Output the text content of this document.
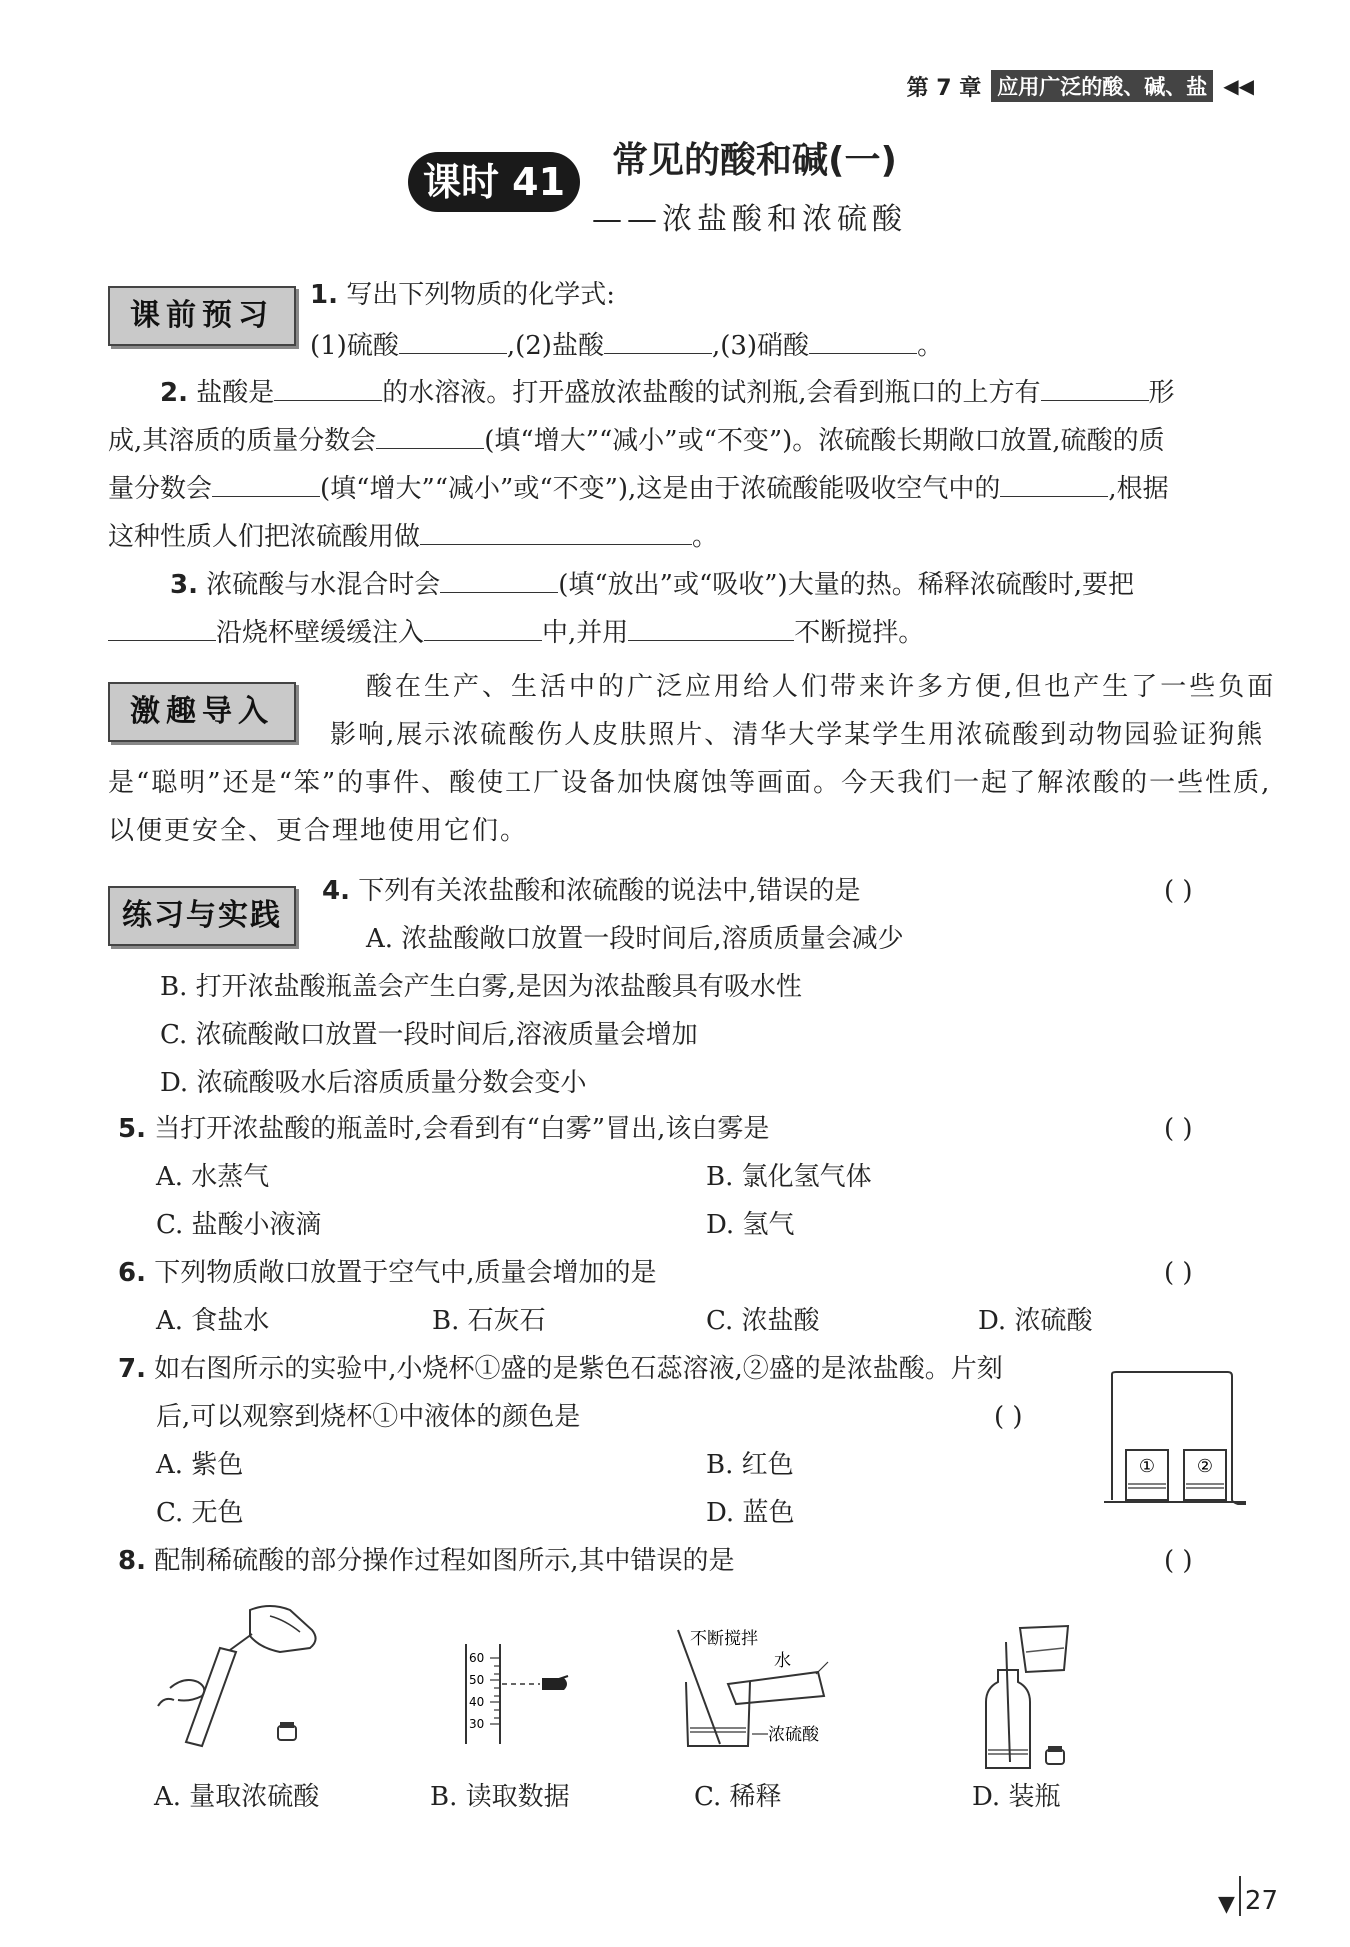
第 7 章 应用广泛的酸、碱、盐 ◀◀
课时 41	常见的酸和碱(一)
——浓盐酸和浓硫酸
课前预习
1. 写出下列物质的化学式:
(1)硫酸	,(2)盐酸	,(3)硝酸	。
2. 盐酸是	的水溶液。打开盛放浓盐酸的试剂瓶,会看到瓶口的上方有	形
成,其溶质的质量分数会	(填“增大”“减小”或“不变”)。浓硫酸长期敞口放置,硫酸的质
量分数会	(填“增大”“减小”或“不变”),这是由于浓硫酸能吸收空气中的	,根据
这种性质人们把浓硫酸用做	。
3. 浓硫酸与水混合时会	(填“放出”或“吸收”)大量的热。稀释浓硫酸时,要把
沿烧杯壁缓缓注入	中,并用	不断搅拌。
激趣导入
酸在生产、生活中的广泛应用给人们带来许多方便,但也产生了一些负面
影响,展示浓硫酸伤人皮肤照片、清华大学某学生用浓硫酸到动物园验证狗熊
是“聪明”还是“笨”的事件、酸使工厂设备加快腐蚀等画面。今天我们一起了解浓酸的一些性质,
以便更安全、更合理地使用它们。
练习与实践
4. 下列有关浓盐酸和浓硫酸的说法中,错误的是	( )
A. 浓盐酸敞口放置一段时间后,溶质质量会减少
B. 打开浓盐酸瓶盖会产生白雾,是因为浓盐酸具有吸水性
C. 浓硫酸敞口放置一段时间后,溶液质量会增加
D. 浓硫酸吸水后溶质质量分数会变小
5. 当打开浓盐酸的瓶盖时,会看到有“白雾”冒出,该白雾是	( )
A. 水蒸气	B. 氯化氢气体
C. 盐酸小液滴	D. 氢气
6. 下列物质敞口放置于空气中,质量会增加的是	( )
A. 食盐水	B. 石灰石	C. 浓盐酸	D. 浓硫酸
7. 如右图所示的实验中,小烧杯①盛的是紫色石蕊溶液,②盛的是浓盐酸。片刻
后,可以观察到烧杯①中液体的颜色是	( )
A. 紫色	B. 红色
C. 无色	D. 蓝色
① ②
8. 配制稀硫酸的部分操作过程如图所示,其中错误的是	( )
60
50
40
30
不断搅拌
水
浓硫酸
A. 量取浓硫酸	B. 读取数据	C. 稀释	D. 装瓶
▼ 27
